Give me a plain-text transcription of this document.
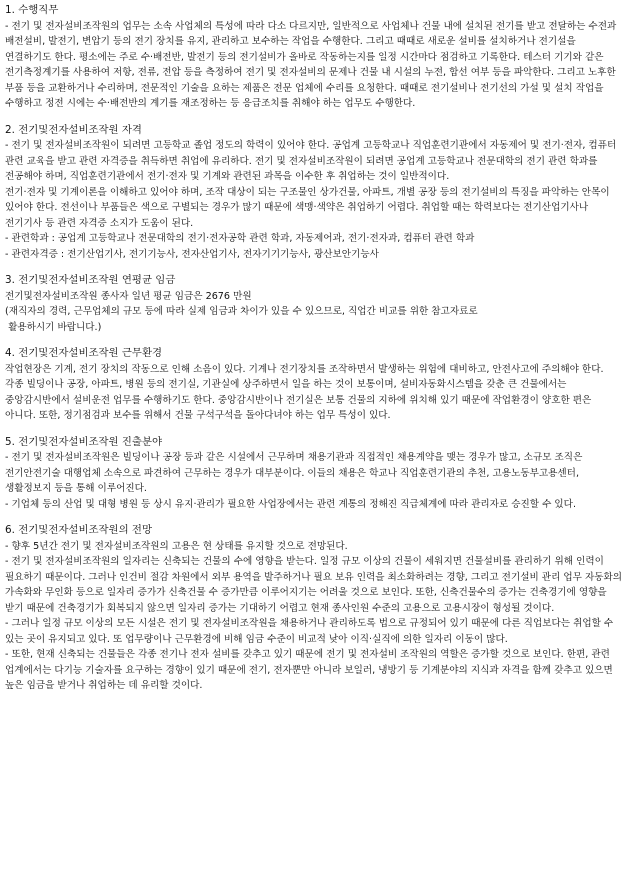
1. 수행직무

- 전기 및 전자설비조작원의 업무는 소속 사업체의 특성에 따라 다소 다르지만, 일반적으로 사업체나 건물 내에 설치된 전기를 받고 전달하는 수전과 배전설비, 발전기, 변압기 등의 전기 장치를 유지, 관리하고 보수하는 작업을 수행한다. 그리고 때때로 새로운 설비를 설치하거나 전기설을 연결하기도 한다. 평소에는 주로 수·배전반, 발전기 등의 전기설비가 올바로 작동하는지를 일정 시간마다 점검하고 기록한다. 테스터 기기와 같은 전기측정계기를 사용하여 저항, 전류, 전압 등을 측정하여 전기 및 전자설비의 문제나 건물 내 시설의 누전, 합선 여부 등을 파악한다. 그리고 노후한 부품 등을 교환하거나 수리하며, 전문적인 기술을 요하는 제품은 전문 업체에 수리를 요청한다. 때때로 전기설비나 전기선의 가설 및 설치 작업을 수행하고 정전 시에는 수·배전반의 계기를 재조정하는 등 응급조치를 취해야 하는 업무도 수행한다.

2. 전기및전자설비조작원 자격

- 전기 및 전자설비조작원이 되려면 고등학교 졸업 정도의 학력이 있어야 한다. 공업계 고등학교나 직업훈련기관에서 자동제어 및 전기·전자, 컴퓨터 관련 교육을 받고 관련 자격증을 취득하면 취업에 유리하다. 전기 및 전자설비조작원이 되려면 공업계 고등학교나 전문대학의 전기 관련 학과를 전공해야 하며, 직업훈련기관에서 전기·전자 및 기계와 관련된 과목을 이수한 후 취업하는 것이 일반적이다.
전기·전자 및 기계이론을 이해하고 있어야 하며, 조작 대상이 되는 구조물인 상가건물, 아파트, 개별 공장 등의 전기설비의 특징을 파악하는 안목이 있어야 한다. 전선이나 부품들은 색으로 구별되는 경우가 많기 때문에 색맹·색약은 취업하기 어렵다. 취업할 때는 학력보다는 전기산업기사나 전기기사 등 관련 자격증 소지가 도움이 된다.
- 관련학과 : 공업계 고등학교나 전문대학의 전기·전자공학 관련 학과, 자동제어과, 전기·전자과, 컴퓨터 관련 학과
- 관련자격증 : 전기산업기사, 전기기능사, 전자산업기사, 전자기기기능사, 광산보안기능사

3. 전기및전자설비조작원 연평균 임금

전기및전자설비조작원 종사자 일년 평균 임금은 2676 만원
(재직자의 경력, 근무업체의 규모 등에 따라 실제 임금과 차이가 있을 수 있으므로, 직업간 비교를 위한 참고자료로
활용하시기 바랍니다.)

4. 전기및전자설비조작원 근무환경

작업현장은 기계, 전기 장치의 작동으로 인해 소음이 있다. 기계나 전기장치를 조작하면서 발생하는 위험에 대비하고, 안전사고에 주의해야 한다. 각종 빌딩이나 공장, 아파트, 병원 등의 전기실, 기관실에 상주하면서 일을 하는 것이 보통이며, 설비자동화시스템을 갖춘 큰 건물에서는 중앙감시반에서 설비운전 업무를 수행하기도 한다. 중앙감시반이나 전기실은 보통 건물의 지하에 위치해 있기 때문에 작업환경이 양호한 편은 아니다. 또한, 정기점검과 보수를 위해서 건물 구석구석을 돌아다녀야 하는 업무 특성이 있다.

5. 전기및전자설비조작원 진출분야

- 전기 및 전자설비조작원은 빌딩이나 공장 등과 같은 시설에서 근무하며 채용기관과 직접적인 채용계약을 맺는 경우가 많고, 소규모 조직은 전기안전기술 대행업체 소속으로 파견하여 근무하는 경우가 대부분이다. 이들의 채용은 학교나 직업훈련기관의 추천, 고용노동부고용센터, 생활정보지 등을 통해 이루어진다.
- 기업체 등의 산업 및 대형 병원 등 상시 유지·관리가 필요한 사업장에서는 관련 계통의 정해진 직급체계에 따라 관리자로 승진할 수 있다.

6. 전기및전자설비조작원의 전망

- 향후 5년간 전기 및 전자설비조작원의 고용은 현 상태를 유지할 것으로 전망된다.
- 전기 및 전자설비조작원의 일자리는 신축되는 건물의 수에 영향을 받는다. 일정 규모 이상의 건물이 세워지면 건물설비를 관리하기 위해 인력이 필요하기 때문이다. 그러나 인건비 절감 차원에서 외부 용역을 발주하거나 필요 보유 인력을 최소화하려는 경향, 그리고 전기설비 관리 업무 자동화의 가속화와 무인화 등으로 일자리 증가가 신축건물 수 증가만큼 이루어지기는 어려울 것으로 보인다. 또한, 신축건물수의 증가는 건축경기에 영향을 받기 때문에 건축경기가 회복되지 않으면 일자리 증가는 기대하기 어렵고 현재 종사인원 수준의 고용으로 고용시장이 형성될 것이다.
- 그러나 일정 규모 이상의 모든 시설은 전기 및 전자설비조작원을 채용하거나 관리하도록 법으로 규정되어 있기 때문에 다른 직업보다는 취업할 수 있는 곳이 유지되고 있다. 또 업무량이나 근무환경에 비해 임금 수준이 비교적 낮아 이직·실직에 의한 일자리 이동이 많다.
- 또한, 현재 신축되는 건물들은 각종 전기나 전자 설비를 갖추고 있기 때문에 전기 및 전자설비 조작원의 역할은 증가할 것으로 보인다. 한편, 관련 업계에서는 다기능 기술자를 요구하는 경향이 있기 때문에 전기, 전자뿐만 아니라 보일러, 냉방기 등 기계분야의 지식과 자격을 함께 갖추고 있으면 높은 임금을 받거나 취업하는 데 유리할 것이다.
